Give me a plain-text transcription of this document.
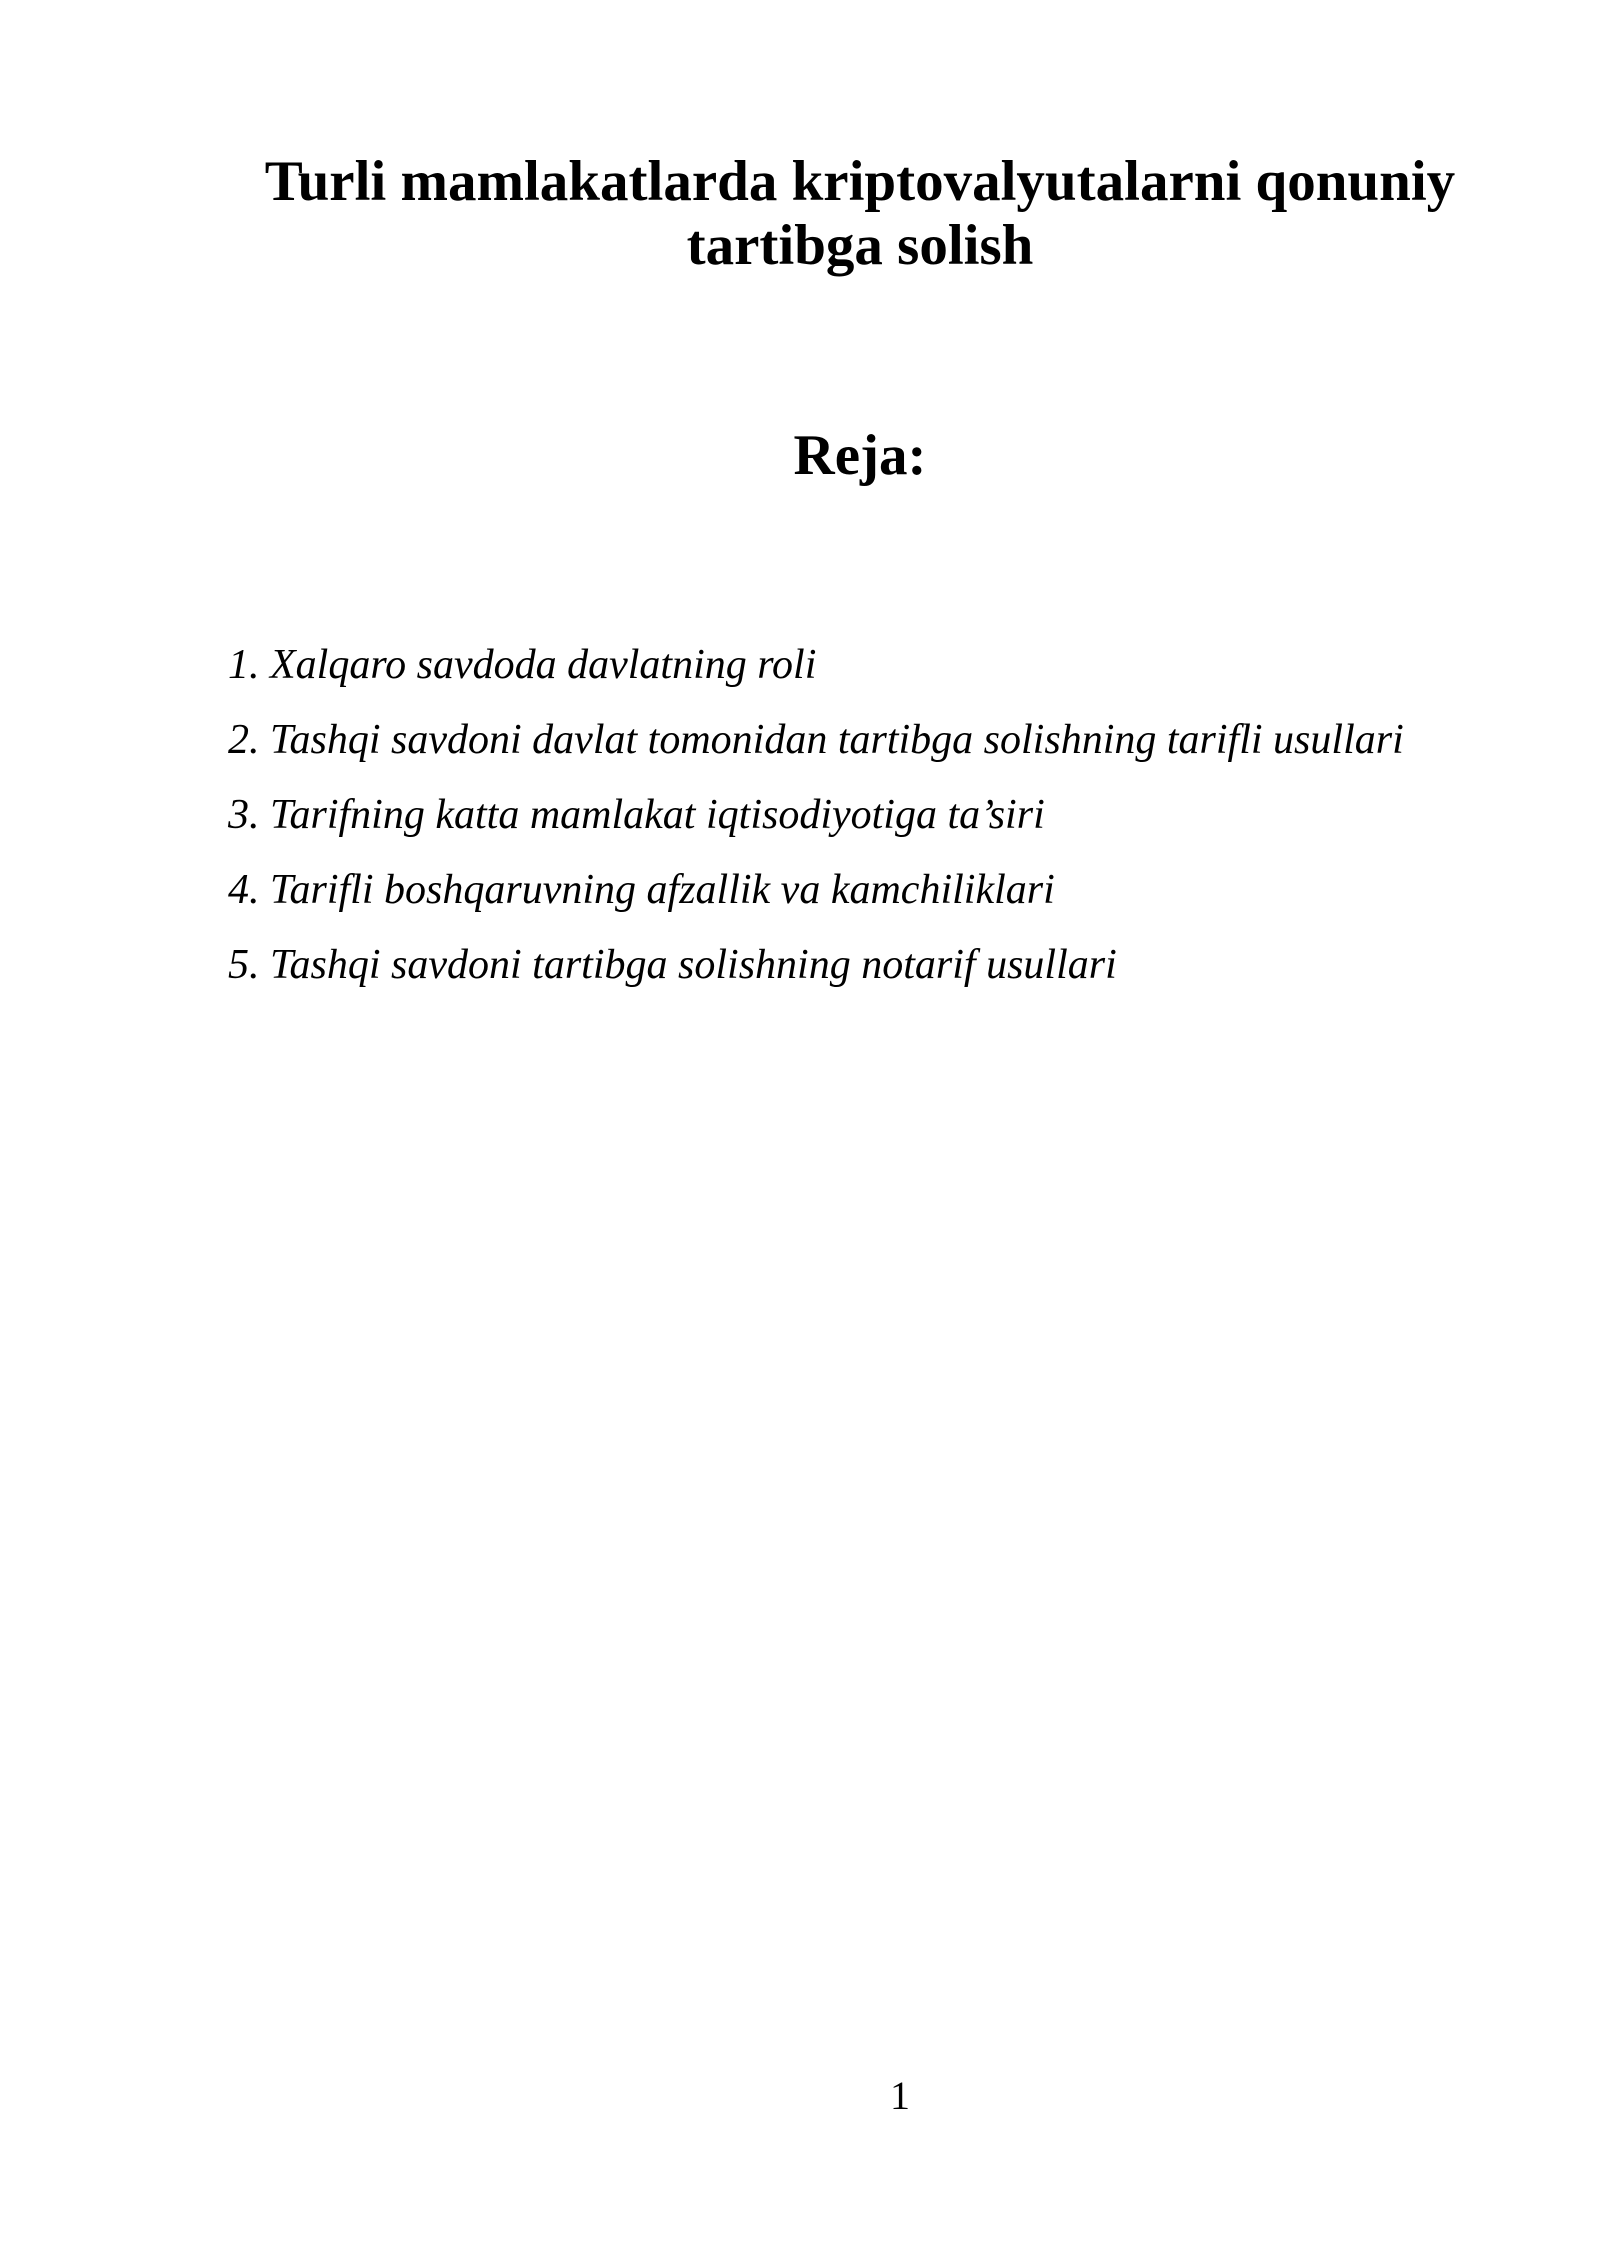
Turli mamlakatlarda kriptovalyutalarni qonuniy tartibga solish
Reja:
1. Xalqaro savdoda davlatning roli
2. Tashqi savdoni davlat tomonidan tartibga solishning tarifli usullari
3. Tarifning katta mamlakat iqtisodiyotiga ta’siri
4. Tarifli boshqaruvning afzallik va kamchiliklari
5. Tashqi savdoni tartibga solishning notarif usullari
1
